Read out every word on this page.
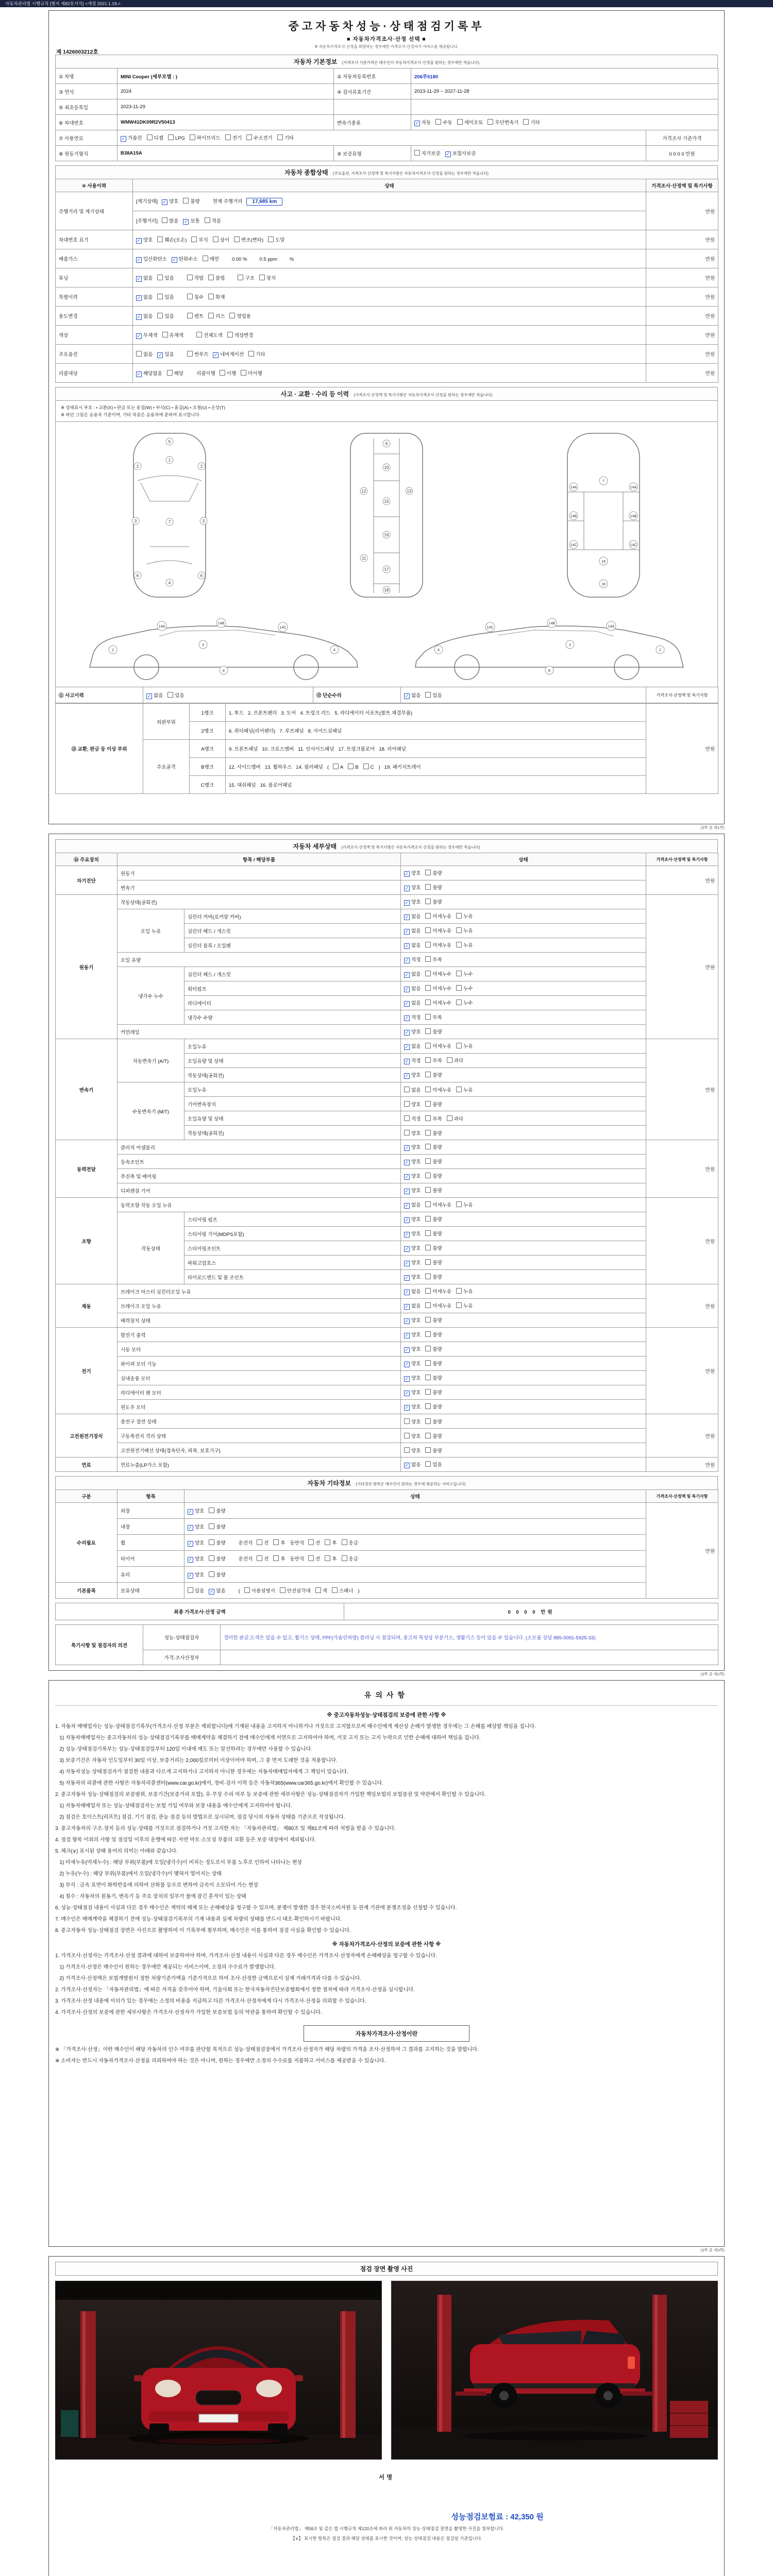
자동차관리법 시행규칙 [별지 제82호서식] <개정 2021.1.19.>
중고자동차성능·상태점검기록부
■ 자동차가격조사·산정 선택 ■
※ 자동차가격조사·산정을 희망하는 경우에만 가격조사·산정자가 서비스를 제공합니다.
제 1426003212호
자동차 기본정보 (가격조사 기준가격은 매수인이 자동차가격조사·산정을 원하는 경우에만 적습니다)
① 차명	MINI Cooper (세부모델 : )	② 자동차등록번호	206루5180	
③ 연식	2024	④ 검사유효기간	2023-11-29 ~ 2027-11-28	
⑤ 최초등록일	2023-11-29			
⑥ 차대번호	WMW41DK09R2V50413	변속기종류	✓ 자동 수동 세미오토 무단변속기 기타	
⑦ 사용연료	✓ 가솔린 디젤 LPG 하이브리드 전기 수소전기 기타			가격조사 기준가격
⑧ 원동기형식	B38A15A	⑨ 보증유형	자가보증 ✓ 보험사보증	0 0 0 0 만원
자동차 종합상태 (주요옵션, 가격조사·산정액 및 특기사항은 자동차가격조사·산정을 원하는 경우에만 적습니다)
⑩ 사용이력	상태	가격조사·산정액 및 특기사항
주행거리 및 계기상태	[계기상태] ✓ 양호 불량 현재 주행거리 17,685 km	만원
	[주행거리] 많음 ✓ 보통 적음	
차대번호 표기	✓ 양호 훼손(오손) 부식 상이 변조(변타) 도말	만원
배출가스	✓ 일산화탄소 ✓ 탄화수소 매연 0.00 % 0.5 ppm %	만원
튜닝	✓ 없음 있음 적법 불법 구조 장치	만원
특별이력	✓ 없음 있음 침수 화재	만원
용도변경	✓ 없음 있음 렌트 리스 영업용	만원
색상	✓ 무채색 유채색 전체도색 색상변경	만원
주요옵션	없음 ✓ 있음 썬루프 ✓ 네비게이션 기타	만원
리콜대상	✓ 해당없음 해당 리콜이행 이행 미이행	만원
사고 · 교환 · 수리 등 이력 (가격조사·산정액 및 특기사항은 자동차가격조사·산정을 원하는 경우에만 적습니다)
※ 상태표시 부호 : • 교환(X) • 판금 또는 용접(W) • 부식(C) • 흠집(A) • 요철(U) • 손상(T)
※ 하단 그림은 승용차 기준이며, 기타 차종은 승용차에 준하여 표시합니다.
5
1
2	2
3	3
7
6	6
4
9
10
12	13
15
16
11
17
18
14A
14B
14C
14A
14B
14C
19
18
7
2
3
6
8
14A
14B
14C
2
3
6
8
14A
14B
14C
⑪ 사고이력	✓ 없음 있음	⑫ 단순수리	✓ 없음 있음	가격조사·산정액 및 특기사항
⑬ 교환, 판금 등 이상 부위	외판부위	1랭크	1. 후드 2. 프론트펜더 3. 도어 4. 트렁크 리드 5. 라디에이터 서포트(볼트 체결부품)	만원
		2랭크	6. 쿼터패널(리어펜더) 7. 루프패널 8. 사이드실패널	
	주요골격	A랭크	9. 프론트패널 10. 크로스멤버 11. 인사이드패널 17. 트렁크플로어 18. 리어패널	
		B랭크	12. 사이드멤버 13. 휠하우스 14. 필러패널 ( A B C ) 19. 패키지트레이	
		C랭크	15. 대쉬패널 16. 플로어패널	
(3쪽 중 제1쪽)
자동차 세부상태 (가격조사·산정액 및 특기사항은 자동차가격조사·산정을 원하는 경우에만 적습니다)
⑭ 주요장치	항목 / 해당부품		상태	가격조사·산정액 및 특기사항
자기진단	원동기		✓ 양호 불량	만원
	변속기		✓ 양호 불량	
원동기	작동상태(공회전)		✓ 양호 불량	만원
	오일 누유	실린더 커버(로커암 커버)	✓ 없음 미세누유 누유	
		실린더 헤드 / 개스킷	✓ 없음 미세누유 누유	
		실린더 블록 / 오일팬	✓ 없음 미세누유 누유	
	오일 유량		✓ 적정 부족	
	냉각수 누수	실린더 헤드 / 개스킷	✓ 없음 미세누수 누수	
		워터펌프	✓ 없음 미세누수 누수	
		라디에이터	✓ 없음 미세누수 누수	
		냉각수 수량	✓ 적정 부족	
	커먼레일		✓ 양호 불량	
변속기	자동변속기 (A/T)	오일누유	✓ 없음 미세누유 누유	만원
		오일유량 및 상태	✓ 적정 부족 과다	
		작동상태(공회전)	✓ 양호 불량	
	수동변속기 (M/T)	오일누유	없음 미세누유 누유	
		기어변속장치	양호 불량	
		오일유량 및 상태	적정 부족 과다	
		작동상태(공회전)	양호 불량	
동력전달	클러치 어셈블리		✓ 양호 불량	만원
	등속조인트		✓ 양호 불량	
	추진축 및 베어링		✓ 양호 불량	
	디퍼렌셜 기어		✓ 양호 불량	
조향	동력조향 작동 오일 누유		✓ 없음 미세누유 누유	만원
	작동상태	스티어링 펌프	✓ 양호 불량	
		스티어링 기어(MDPS포함)	✓ 양호 불량	
		스티어링조인트	✓ 양호 불량	
		파워고압호스	✓ 양호 불량	
		타이로드엔드 및 볼 조인트	✓ 양호 불량	
제동	브레이크 마스터 실린더오일 누유		✓ 없음 미세누유 누유	만원
	브레이크 오일 누유		✓ 없음 미세누유 누유	
	배력장치 상태		✓ 양호 불량	
전기	발전기 출력		✓ 양호 불량	만원
	시동 모터		✓ 양호 불량	
	와이퍼 모터 기능		✓ 양호 불량	
	실내송풍 모터		✓ 양호 불량	
	라디에이터 팬 모터		✓ 양호 불량	
	윈도우 모터		✓ 양호 불량	
고전원전기장치	충전구 절연 상태		양호 불량	만원
	구동축전지 격리 상태		양호 불량	
	고전원전기배선 상태(접속단자, 피복, 보호기구)		양호 불량	
연료	연료누출(LP가스 포함)		✓ 없음 있음	만원
자동차 기타정보 (기타정보 항목은 매수인이 원하는 경우에 제공하는 서비스입니다)
구분	항목	상태	가격조사·산정액 및 특기사항
수리필요	외장	✓ 양호 불량	만원
	내장	✓ 양호 불량	
	휠	✓ 양호 불량 운전석 전 후 동반석 전 후 응급	
	타이어	✓ 양호 불량 운전석 전 후 동반석 전 후 응급	
	유리	✓ 양호 불량	
기본품목	보유상태	있음 ✓ 없음 ( 사용설명서 안전삼각대 잭 스패너 )	
최종 가격조사·산정 금액	0 0 0 0 만원
특기사항 및 점검자의 의견	성능·상태점검자	경미한 판금,도색은 있을 수 있고, 휠기스 상태, FPF(가솔린차량) 클리닝 시 점검되며, 중고차 특성상 부분기스, 생활기스 등이 있을 수 있습니다. (소모품 상담 885-0091-5925-33)
	가격·조사산정자	
(3쪽 중 제2쪽)
유의사항
※ 중고자동차성능·상태점검의 보증에 관한 사항 ※
1. 자동차 매매업자는 성능·상태점검기록부(가격조사·산정 부분은 제외합니다)에 기재된 내용을 고지하지 아니하거나 거짓으로 고지함으로써 매수인에게 재산상 손해가 발생한 경우에는 그 손해를 배상할 책임을 집니다.
1) 자동차매매업자는 중고자동차의 성능·상태점검기록부를 매매계약을 체결하기 전에 매수인에게 서면으로 고지하여야 하며, 거짓 고지 또는 고지 누락으로 인한 손해에 대하여 책임을 집니다.
2) 성능·상태점검기록부는 성능·상태점검일부터 120일 이내에 매도 또는 알선하려는 경우에만 사용할 수 있습니다.
3) 보증기간은 자동차 인도일부터 30일 이상, 보증거리는 2,000킬로미터 이상이어야 하며, 그 중 먼저 도래한 것을 적용합니다.
4) 자동차성능·상태점검자가 점검한 내용과 다르게 고지하거나 고지하지 아니한 경우에는 자동차매매업자에게 그 책임이 있습니다.
5) 자동차의 리콜에 관한 사항은 자동차리콜센터(www.car.go.kr)에서, 정비·검사 이력 등은 자동차365(www.car365.go.kr)에서 확인할 수 있습니다.
2. 중고자동차 성능·상태점검의 보증범위, 보증기간(보증거리 포함), 유·무상 수리 여부 등 보증에 관한 세부사항은 성능·상태점검자가 가입한 책임보험의 보험증권 및 약관에서 확인할 수 있습니다.
1) 자동차매매업자 또는 성능·상태점검자는 보험 가입 여부와 보장 내용을 매수인에게 고지하여야 합니다.
2) 점검은 호이스트(리프트) 점검, 기기 점검, 관능 점검 등의 방법으로 실시되며, 점검 당시의 자동차 상태를 기준으로 작성됩니다.
3. 중고자동차의 구조·장치 등의 성능·상태를 거짓으로 점검하거나 거짓 고지한 자는 「자동차관리법」 제80조 및 제81조에 따라 처벌을 받을 수 있습니다.
4. 점검 항목 이외의 사항 및 점검일 이후의 운행에 따른 자연 마모·소모성 부품의 교환 등은 보증 대상에서 제외됩니다.
5. 체크(∨) 표시된 상태 용어의 의미는 아래와 같습니다.
1) 미세누유(미세누수) : 해당 부위(부품)에 오일(냉각수)이 비치는 정도로서 부품 노후로 인하여 나타나는 현상
2) 누유(누수) : 해당 부위(부품)에서 오일(냉각수)이 맺혀서 떨어지는 상태
3) 부식 : 금속 표면이 화학반응에 의하여 산화물 등으로 변하여 금속이 소모되어 가는 현상
4) 침수 : 자동차의 원동기, 변속기 등 주요 장치의 일부가 물에 잠긴 흔적이 있는 상태
6. 성능·상태점검 내용이 사실과 다른 경우 매수인은 계약의 해제 또는 손해배상을 청구할 수 있으며, 분쟁이 발생한 경우 한국소비자원 등 관계 기관에 분쟁조정을 신청할 수 있습니다.
7. 매수인은 매매계약을 체결하기 전에 성능·상태점검기록부의 기재 내용과 실제 차량의 상태를 반드시 대조·확인하시기 바랍니다.
8. 중고자동차 성능·상태점검 장면은 사진으로 촬영하여 이 기록부에 첨부하며, 매수인은 이를 통하여 점검 사실을 확인할 수 있습니다.
※ 자동차가격조사·산정의 보증에 관한 사항 ※
1. 가격조사·산정자는 가격조사·산정 결과에 대하여 보증하여야 하며, 가격조사·산정 내용이 사실과 다른 경우 매수인은 가격조사·산정자에게 손해배상을 청구할 수 있습니다.
1) 가격조사·산정은 매수인이 원하는 경우에만 제공되는 서비스이며, 소정의 수수료가 발생합니다.
2) 가격조사·산정액은 보험개발원이 정한 차량기준가액을 기준가격으로 하여 조사·산정한 금액으로서 실제 거래가격과 다를 수 있습니다.
2. 가격조사·산정자는 「자동차관리법」에 따른 자격을 갖추어야 하며, 기술사회 또는 한국자동차진단보증협회에서 정한 절차에 따라 가격조사·산정을 실시합니다.
3. 가격조사·산정 내용에 이의가 있는 경우에는 소정의 비용을 지급하고 다른 가격조사·산정자에게 다시 가격조사·산정을 의뢰할 수 있습니다.
4. 가격조사·산정의 보증에 관한 세부사항은 가격조사·산정자가 가입한 보증보험 등의 약관을 통하여 확인할 수 있습니다.
자동차가격조사·산정이란
※ 「가격조사·산정」이란 매수인이 해당 자동차의 인수 여부를 판단할 목적으로 성능·상태점검장에서 가격조사·산정자가 해당 차량의 가격을 조사·산정하여 그 결과를 고지하는 것을 말합니다.
※ 소비자는 반드시 자동차가격조사·산정을 의뢰하여야 하는 것은 아니며, 원하는 경우에만 소정의 수수료를 지불하고 서비스를 제공받을 수 있습니다.
(3쪽 중 제3쪽)
점검 장면 촬영 사진
서명
성능점검보험료 : 42,350 원
「자동차관리법」 제58조 및 같은 법 시행규칙 제120조에 따라 위 자동차의 성능·상태점검 장면을 촬영한 사진을 첨부합니다.
【∨】 표시한 항목은 점검 결과 해당 상태를 표시한 것이며, 성능·상태점검 내용은 점검일 기준입니다.
